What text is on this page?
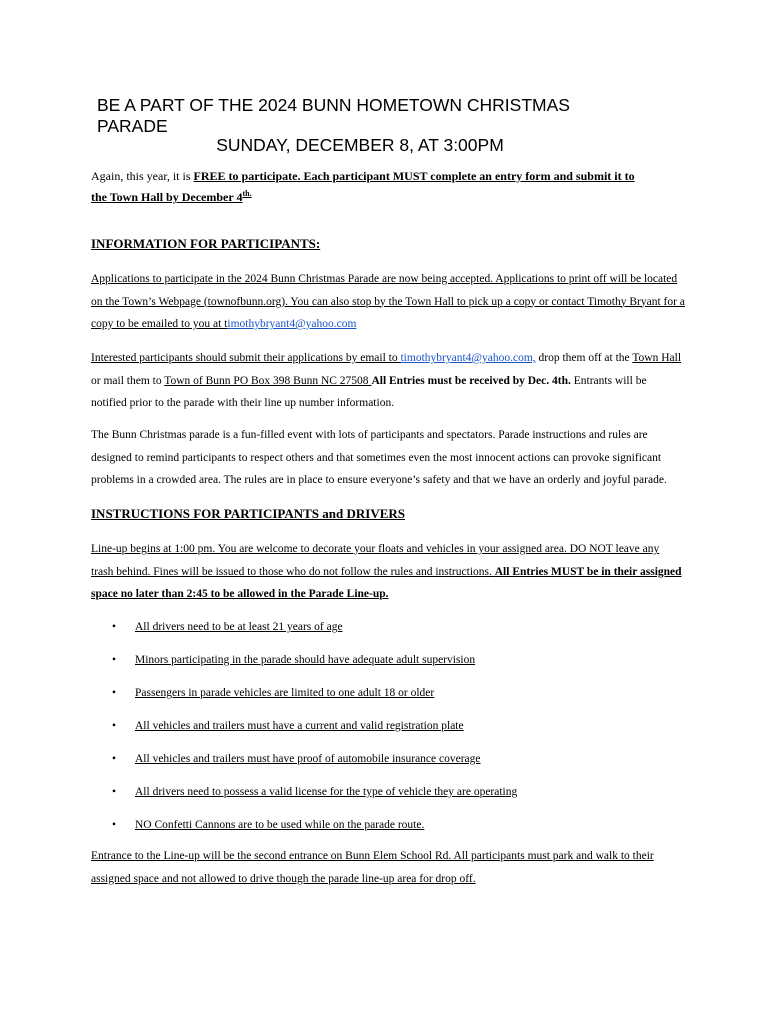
BE A PART OF THE 2024 BUNN HOMETOWN CHRISTMAS PARADE
SUNDAY, DECEMBER 8, AT 3:00PM
Again, this year, it is FREE to participate. Each participant MUST complete an entry form and submit it to
the Town Hall by December $4^{th.}$
INFORMATION FOR PARTICIPANTS:
Applications to participate in the 2024 Bunn Christmas Parade are now being accepted. Applications to print off will be located
on the Town’s Webpage (townofbunn.org). You can also stop by the Town Hall to pick up a copy or contact Timothy Bryant for a
copy to be emailed to you at timothybryant4@yahoo.com
Interested participants should submit their applications by email to timothybryant4@yahoo.com, drop them off at the Town Hall
or mail them to Town of Bunn PO Box 398 Bunn NC 27508 All Entries must be received by Dec. 4th. Entrants will be
notified prior to the parade with their line up number information.
The Bunn Christmas parade is a fun-filled event with lots of participants and spectators. Parade instructions and rules are
designed to remind participants to respect others and that sometimes even the most innocent actions can provoke significant
problems in a crowded area. The rules are in place to ensure everyone’s safety and that we have an orderly and joyful parade.
INSTRUCTIONS FOR PARTICIPANTS and DRIVERS
Line-up begins at 1:00 pm. You are welcome to decorate your floats and vehicles in your assigned area. DO NOT leave any
trash behind. Fines will be issued to those who do not follow the rules and instructions. All Entries MUST be in their assigned
space no later than 2:45 to be allowed in the Parade Line-up.
•	All drivers need to be at least 21 years of age
•	Minors participating in the parade should have adequate adult supervision
•	Passengers in parade vehicles are limited to one adult 18 or older
•	All vehicles and trailers must have a current and valid registration plate
•	All vehicles and trailers must have proof of automobile insurance coverage
•	All drivers need to possess a valid license for the type of vehicle they are operating
•	NO Confetti Cannons are to be used while on the parade route.
Entrance to the Line-up will be the second entrance on Bunn Elem School Rd. All participants must park and walk to their
assigned space and not allowed to drive though the parade line-up area for drop off.
